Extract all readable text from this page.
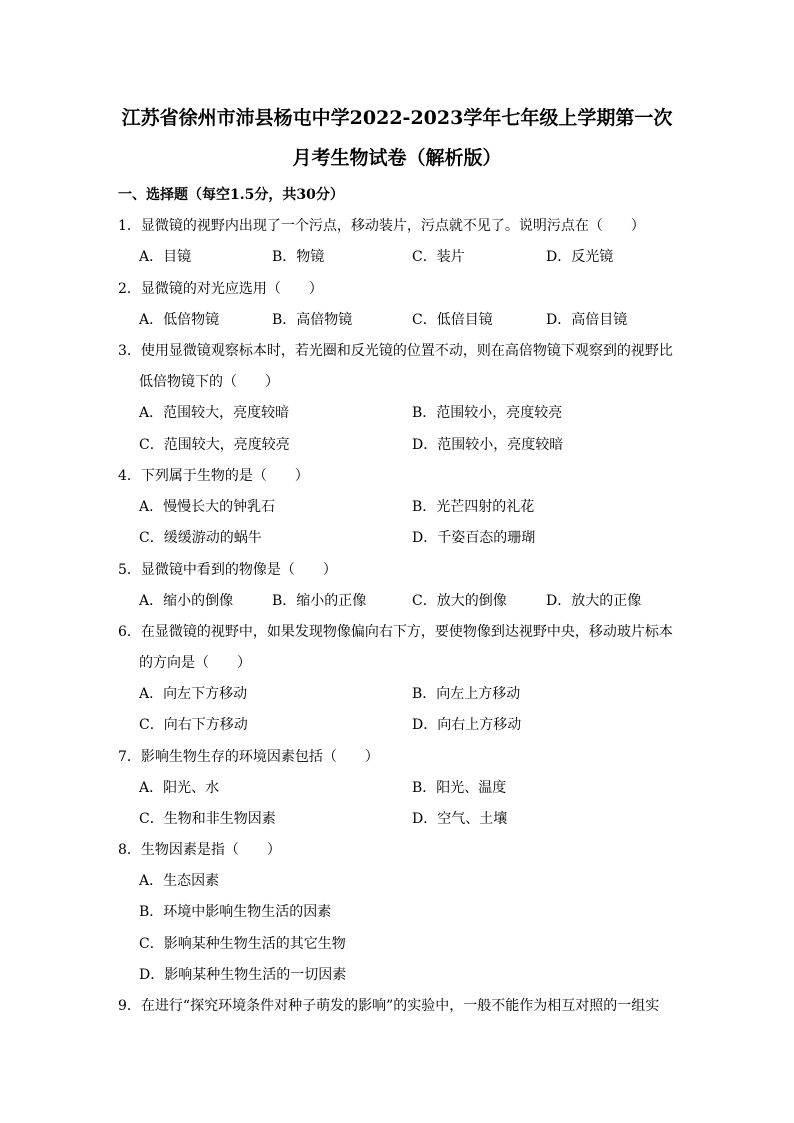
江苏省徐州市沛县杨屯中学2022-2023学年七年级上学期第一次
月考生物试卷（解析版）
一、选择题（每空1.5分，共30分）
1．显微镜的视野内出现了一个污点，移动装片，污点就不见了。说明污点在（　　）
A．目镜	B．物镜	C．装片	D．反光镜
2．显微镜的对光应选用（　　）
A．低倍物镜	B．高倍物镜	C．低倍目镜	D．高倍目镜
3．使用显微镜观察标本时，若光圈和反光镜的位置不动，则在高倍物镜下观察到的视野比
低倍物镜下的（　　）
A．范围较大，亮度较暗	B．范围较小，亮度较亮
C．范围较大，亮度较亮	D．范围较小，亮度较暗
4．下列属于生物的是（　　）
A．慢慢长大的钟乳石	B．光芒四射的礼花
C．缓缓游动的蜗牛	D．千姿百态的珊瑚
5．显微镜中看到的物像是（　　）
A．缩小的倒像	B．缩小的正像	C．放大的倒像	D．放大的正像
6．在显微镜的视野中，如果发现物像偏向右下方，要使物像到达视野中央，移动玻片标本
的方向是（　　）
A．向左下方移动	B．向左上方移动
C．向右下方移动	D．向右上方移动
7．影响生物生存的环境因素包括（　　）
A．阳光、水	B．阳光、温度
C．生物和非生物因素	D．空气、土壤
8．生物因素是指（　　）
A．生态因素
B．环境中影响生物生活的因素
C．影响某种生物生活的其它生物
D．影响某种生物生活的一切因素
9．在进行“探究环境条件对种子萌发的影响”的实验中，一般不能作为相互对照的一组实
